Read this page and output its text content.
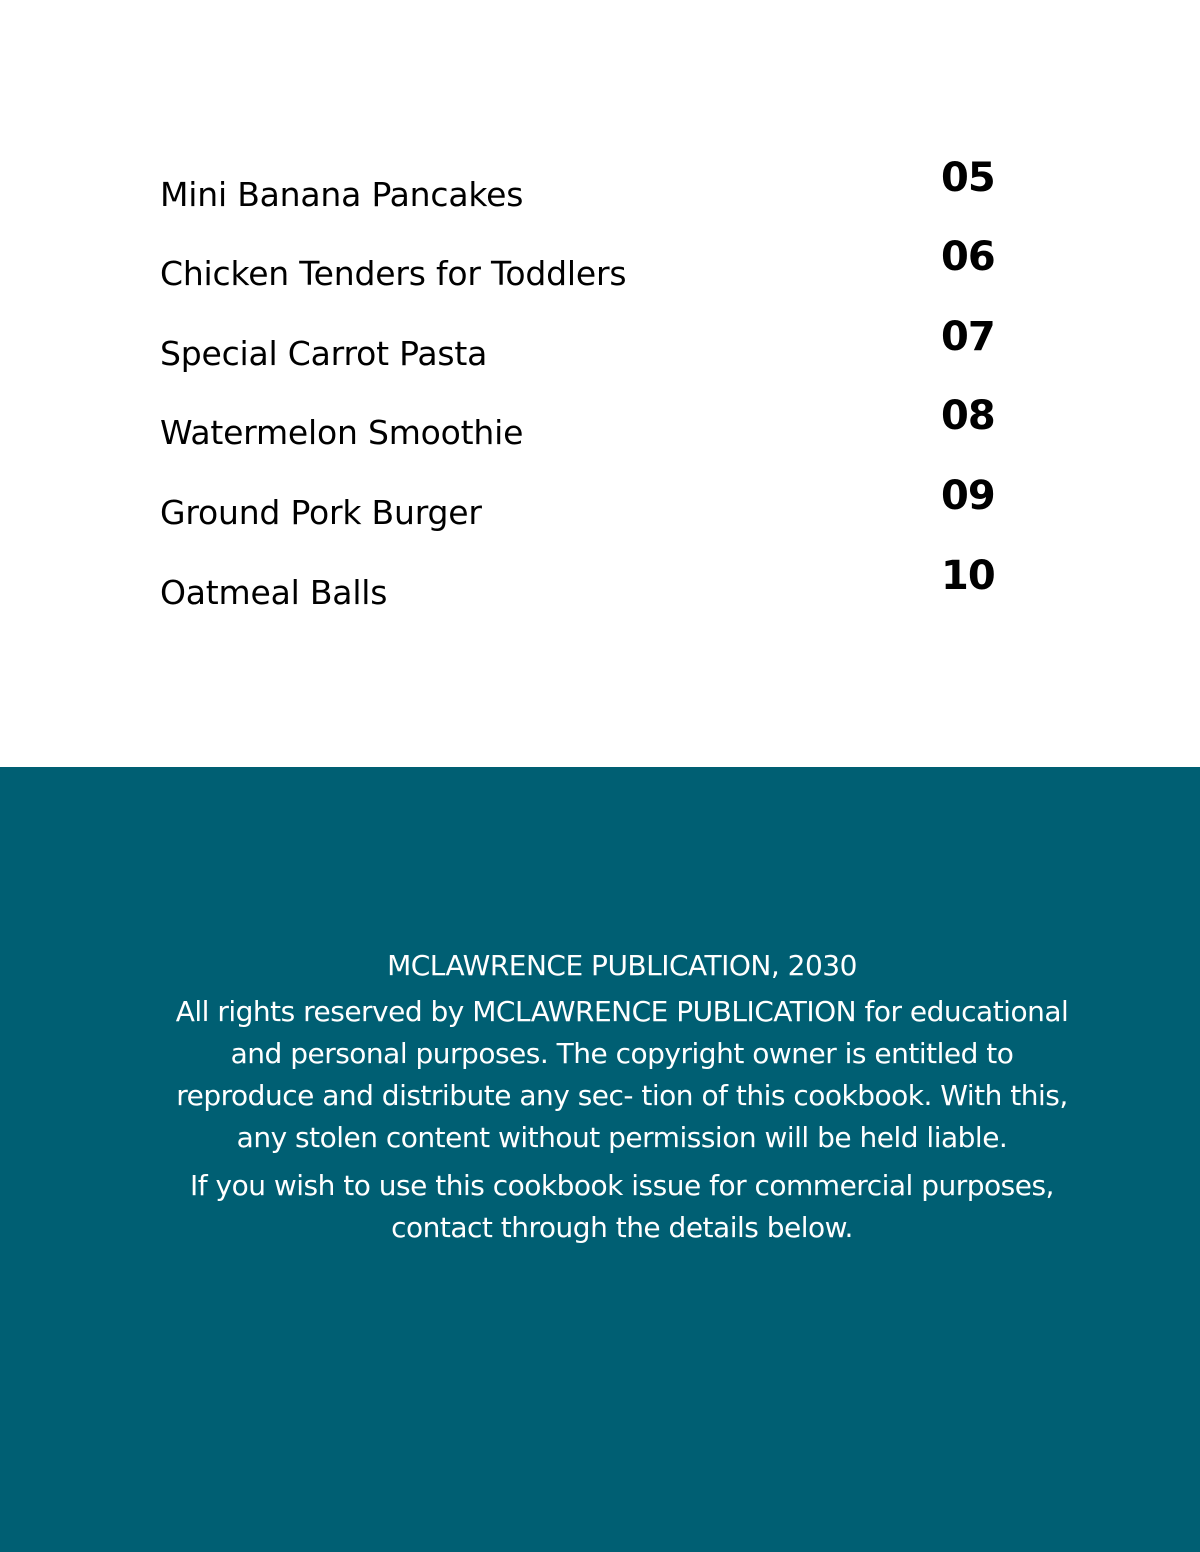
Mini Banana Pancakes	05
Chicken Tenders for Toddlers	06
Special Carrot Pasta	07
Watermelon Smoothie	08
Ground Pork Burger	09
Oatmeal Balls	10

MCLAWRENCE PUBLICATION, 2030

All rights reserved by MCLAWRENCE PUBLICATION for educational and personal purposes. The copyright owner is entitled to reproduce and distribute any sec- tion of this cookbook. With this, any stolen content without permission will be held liable.

If you wish to use this cookbook issue for commercial purposes, contact through the details below.
